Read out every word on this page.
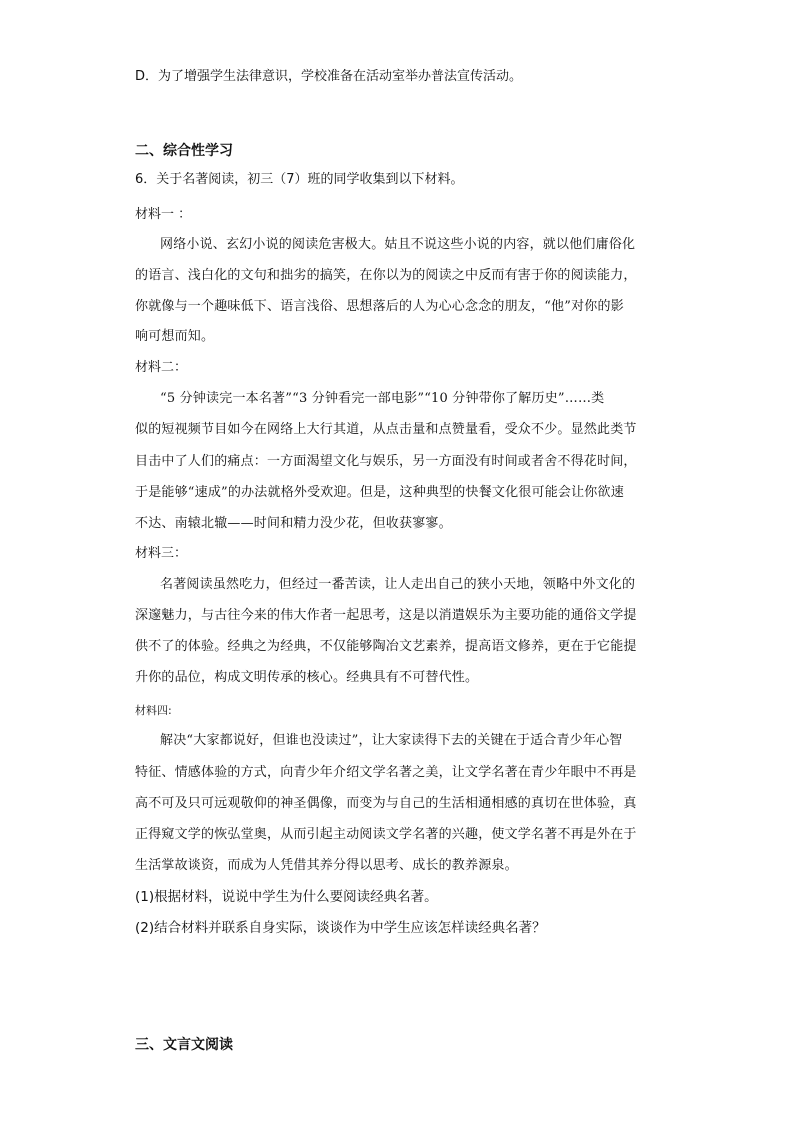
D．为了增强学生法律意识，学校准备在活动室举办普法宣传活动。
二、综合性学习
6．关于名著阅读，初三（7）班的同学收集到以下材料。
材料一 ：
网络小说、玄幻小说的阅读危害极大。姑且不说这些小说的内容，就以他们庸俗化
的语言、浅白化的文句和拙劣的搞笑，在你以为的阅读之中反而有害于你的阅读能力，
你就像与一个趣味低下、语言浅俗、思想落后的人为心心念念的朋友，“他”对你的影
响可想而知。
材料二：
“5 分钟读完一本名著”“3 分钟看完一部电影”“10 分钟带你了解历史”……类
似的短视频节目如今在网络上大行其道，从点击量和点赞量看，受众不少。显然此类节
目击中了人们的痛点：一方面渴望文化与娱乐，另一方面没有时间或者舍不得花时间，
于是能够“速成”的办法就格外受欢迎。但是，这种典型的快餐文化很可能会让你欲速
不达、南辕北辙——时间和精力没少花，但收获寥寥。
材料三：
名著阅读虽然吃力，但经过一番苦读，让人走出自己的狭小天地，领略中外文化的
深邃魅力，与古往今来的伟大作者一起思考，这是以消遣娱乐为主要功能的通俗文学提
供不了的体验。经典之为经典，不仅能够陶冶文艺素养，提高语文修养，更在于它能提
升你的品位，构成文明传承的核心。经典具有不可替代性。
材料四:
解决“大家都说好，但谁也没读过”，让大家读得下去的关键在于适合青少年心智
特征、情感体验的方式，向青少年介绍文学名著之美，让文学名著在青少年眼中不再是
高不可及只可远观敬仰的神圣偶像，而变为与自己的生活相通相感的真切在世体验，真
正得窥文学的恢弘堂奥，从而引起主动阅读文学名著的兴趣，使文学名著不再是外在于
生活掌故谈资，而成为人凭借其养分得以思考、成长的教养源泉。
(1)根据材料，说说中学生为什么要阅读经典名著。
(2)结合材料并联系自身实际，谈谈作为中学生应该怎样读经典名著？
三、文言文阅读
